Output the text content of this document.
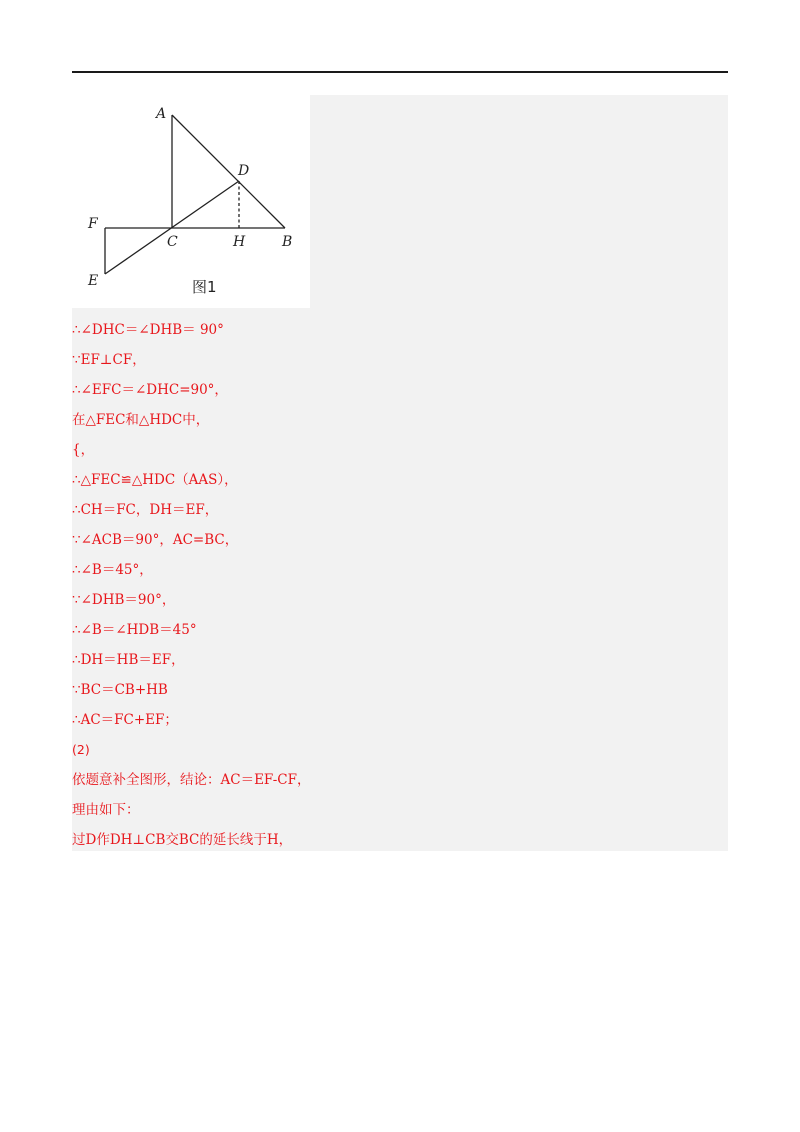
A
D
F
C	H	B
E	图1
∴∠DHC＝∠DHB＝ 90°
∵EF⊥CF，
∴∠EFC＝∠DHC=90°，
在△FEC和△HDC中，
{，
∴△FEC≌△HDC（AAS），
∴CH＝FC，DH＝EF，
∵∠ACB＝90°，AC=BC，
∴∠B＝45°，
∵∠DHB＝90°，
∴∠B＝∠HDB＝45°
∴DH＝HB＝EF，
∵BC＝CB+HB
∴AC＝FC+EF；
(2)
依题意补全图形，结论：AC＝EF-CF，
理由如下：
过D作DH⊥CB交BC的延长线于H，
